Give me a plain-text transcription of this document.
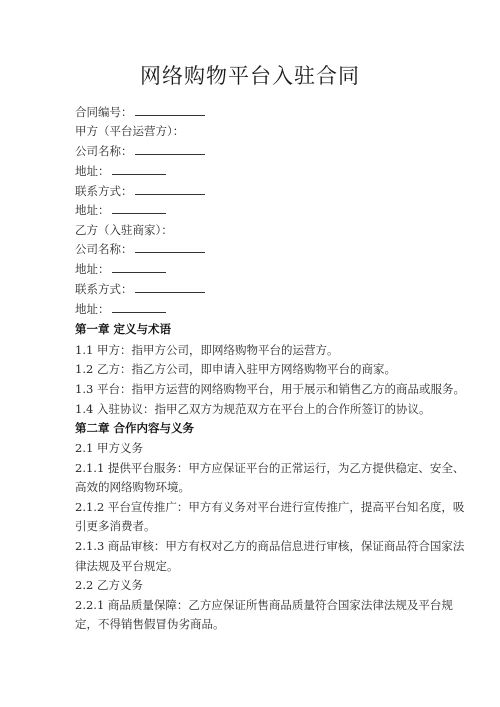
网络购物平台入驻合同
合同编号：
甲方（平台运营方）：
公司名称：
地址：
联系方式：
地址：
乙方（入驻商家）：
公司名称：
地址：
联系方式：
地址：
第一章 定义与术语
1.1 甲方：指甲方公司，即网络购物平台的运营方。
1.2 乙方：指乙方公司，即申请入驻甲方网络购物平台的商家。
1.3 平台：指甲方运营的网络购物平台，用于展示和销售乙方的商品或服务。
1.4 入驻协议：指甲乙双方为规范双方在平台上的合作所签订的协议。
第二章 合作内容与义务
2.1 甲方义务
2.1.1 提供平台服务：甲方应保证平台的正常运行，为乙方提供稳定、安全、
高效的网络购物环境。
2.1.2 平台宣传推广：甲方有义务对平台进行宣传推广，提高平台知名度，吸
引更多消费者。
2.1.3 商品审核：甲方有权对乙方的商品信息进行审核，保证商品符合国家法
律法规及平台规定。
2.2 乙方义务
2.2.1 商品质量保障：乙方应保证所售商品质量符合国家法律法规及平台规
定，不得销售假冒伪劣商品。
